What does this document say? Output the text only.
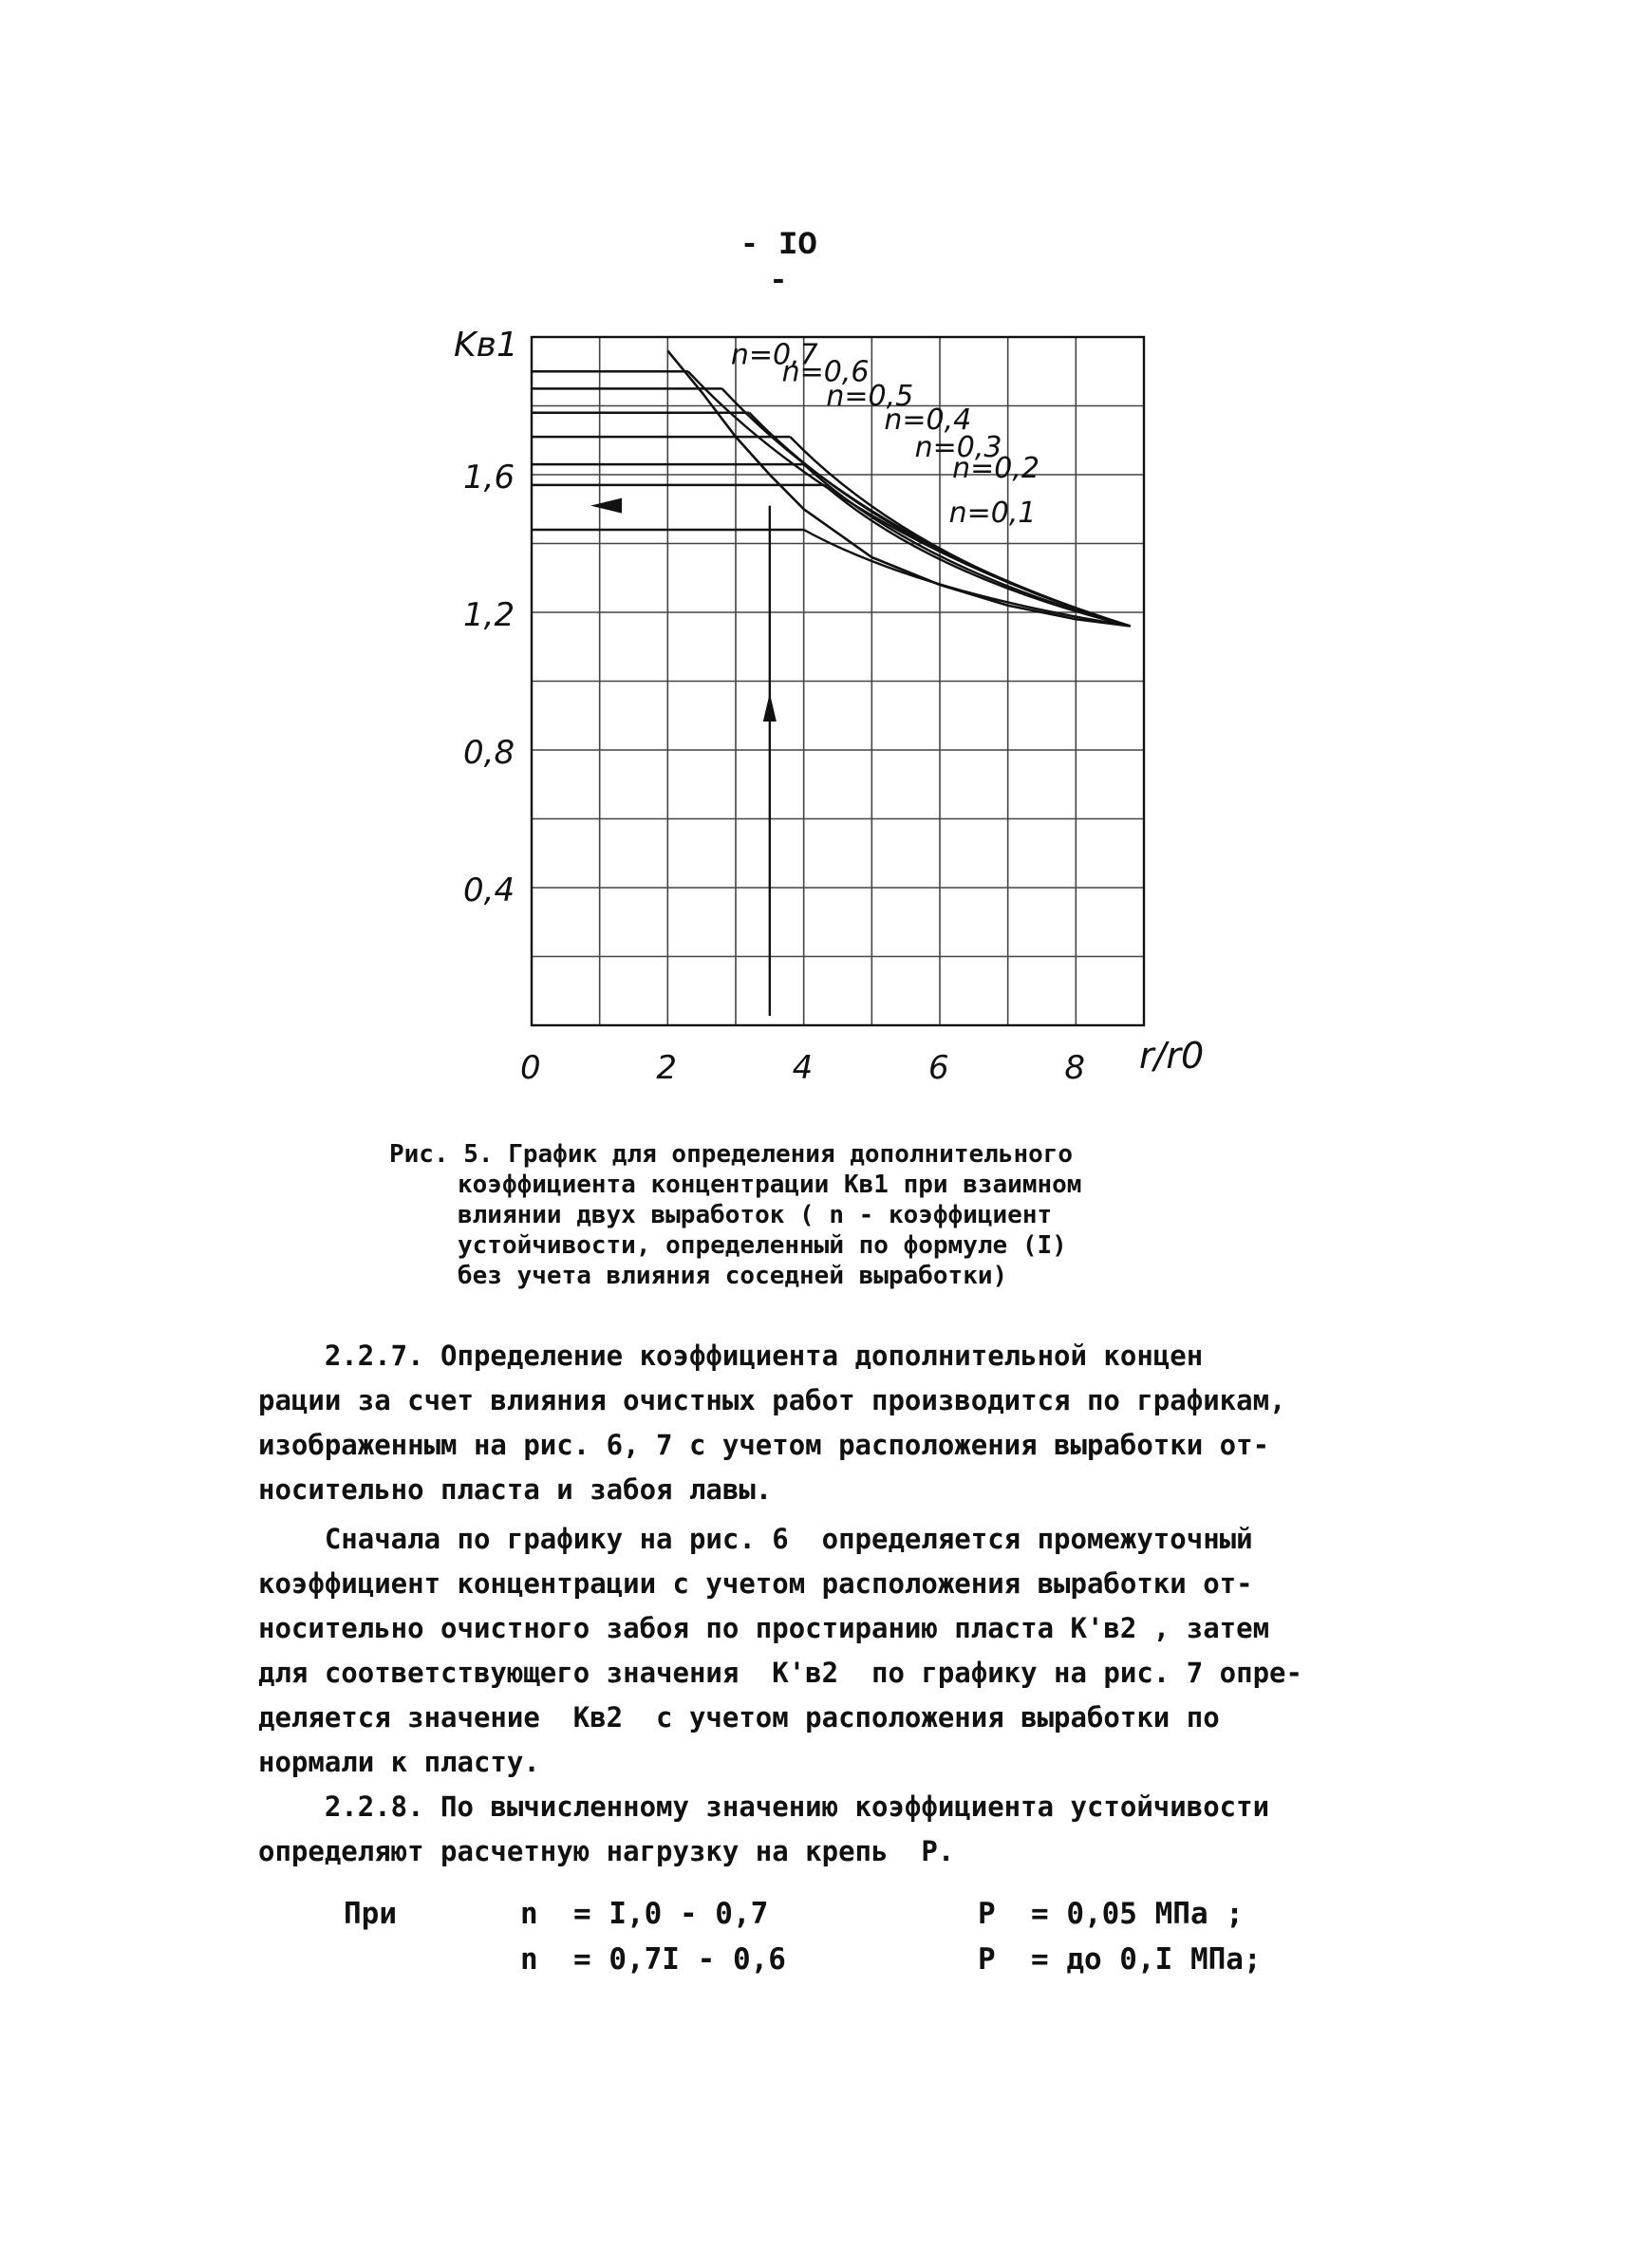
- IO -
1,6
1,2
0,8
0,4
0	2	4	6	8
Kв1
r/r0
n=0,7
n=0,6
n=0,5
n=0,4
n=0,3
n=0,2
n=0,1
Рис. 5. График для определения дополнительного
коэффициента концентрации Кв1 при взаимном
влиянии двух выработок ( n - коэффициент
устойчивости, определенный по формуле (I)
без учета влияния соседней выработки)

2.2.7. Определение коэффициента дополнительной концен
рации за счет влияния очистных работ производится по графикам,
изображенным на рис. 6, 7 с учетом расположения выработки от-
носительно пласта и забоя лавы.

Сначала по графику на рис. 6  определяется промежуточный
коэффициент концентрации с учетом расположения выработки от-
носительно очистного забоя по простиранию пласта К'в2 , затем
для соответствующего значения  К'в2  по графику на рис. 7 опре-
деляется значение  Кв2  с учетом расположения выработки по
нормали к пласту.

2.2.8. По вычисленному значению коэффициента устойчивости
определяют расчетную нагрузку на крепь  Р.

При	n  = I,0 - 0,7	Р  = 0,05 МПа ;
n  = 0,7I - 0,6	Р  = до 0,I МПа;
